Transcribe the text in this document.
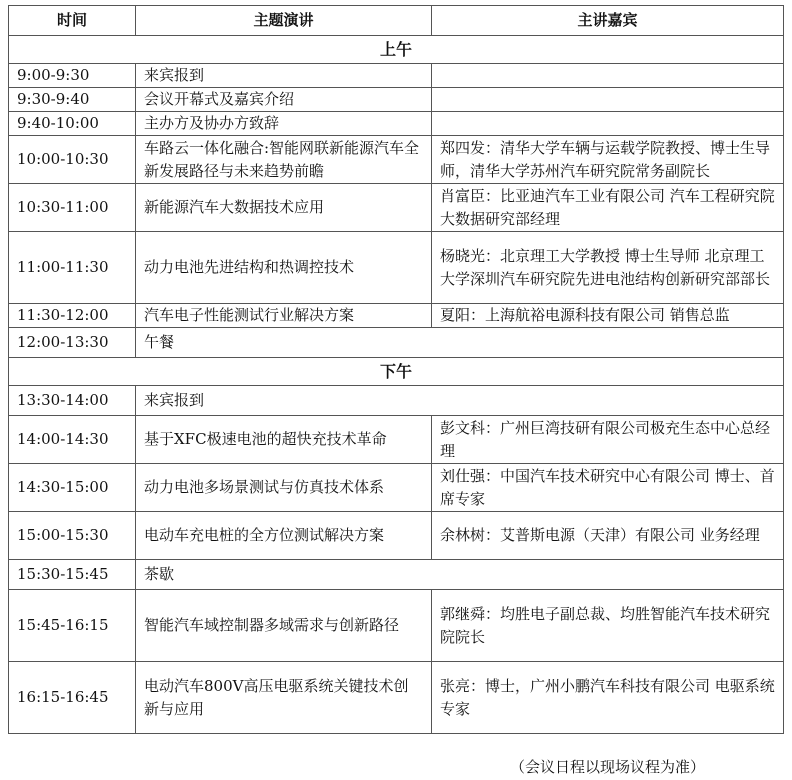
时间	主题演讲	主讲嘉宾
上午		
9:00-9:30	来宾报到	
9:30-9:40	会议开幕式及嘉宾介绍	
9:40-10:00	主办方及协办方致辞	
10:00-10:30	车路云一体化融合:智能网联新能源汽车全新发展路径与未来趋势前瞻	郑四发：清华大学车辆与运载学院教授、博士生导师，清华大学苏州汽车研究院常务副院长
10:30-11:00	新能源汽车大数据技术应用	肖富臣：比亚迪汽车工业有限公司 汽车工程研究院 大数据研究部经理
11:00-11:30	动力电池先进结构和热调控技术	杨晓光：北京理工大学教授 博士生导师 北京理工大学深圳汽车研究院先进电池结构创新研究部部长
11:30-12:00	汽车电子性能测试行业解决方案	夏阳：上海航裕电源科技有限公司 销售总监
12:00-13:30	午餐	
下午		
13:30-14:00	来宾报到	
14:00-14:30	基于XFC极速电池的超快充技术革命	彭文科：广州巨湾技研有限公司极充生态中心总经理
14:30-15:00	动力电池多场景测试与仿真技术体系	刘仕强：中国汽车技术研究中心有限公司 博士、首席专家
15:00-15:30	电动车充电桩的全方位测试解决方案	余林树：艾普斯电源（天津）有限公司 业务经理
15:30-15:45	茶歇	
15:45-16:15	智能汽车域控制器多域需求与创新路径	郭继舜：均胜电子副总裁、均胜智能汽车技术研究院院长
16:15-16:45	电动汽车800V高压电驱系统关键技术创新与应用	张亮：博士，广州小鹏汽车科技有限公司 电驱系统专家
（会议日程以现场议程为准）
